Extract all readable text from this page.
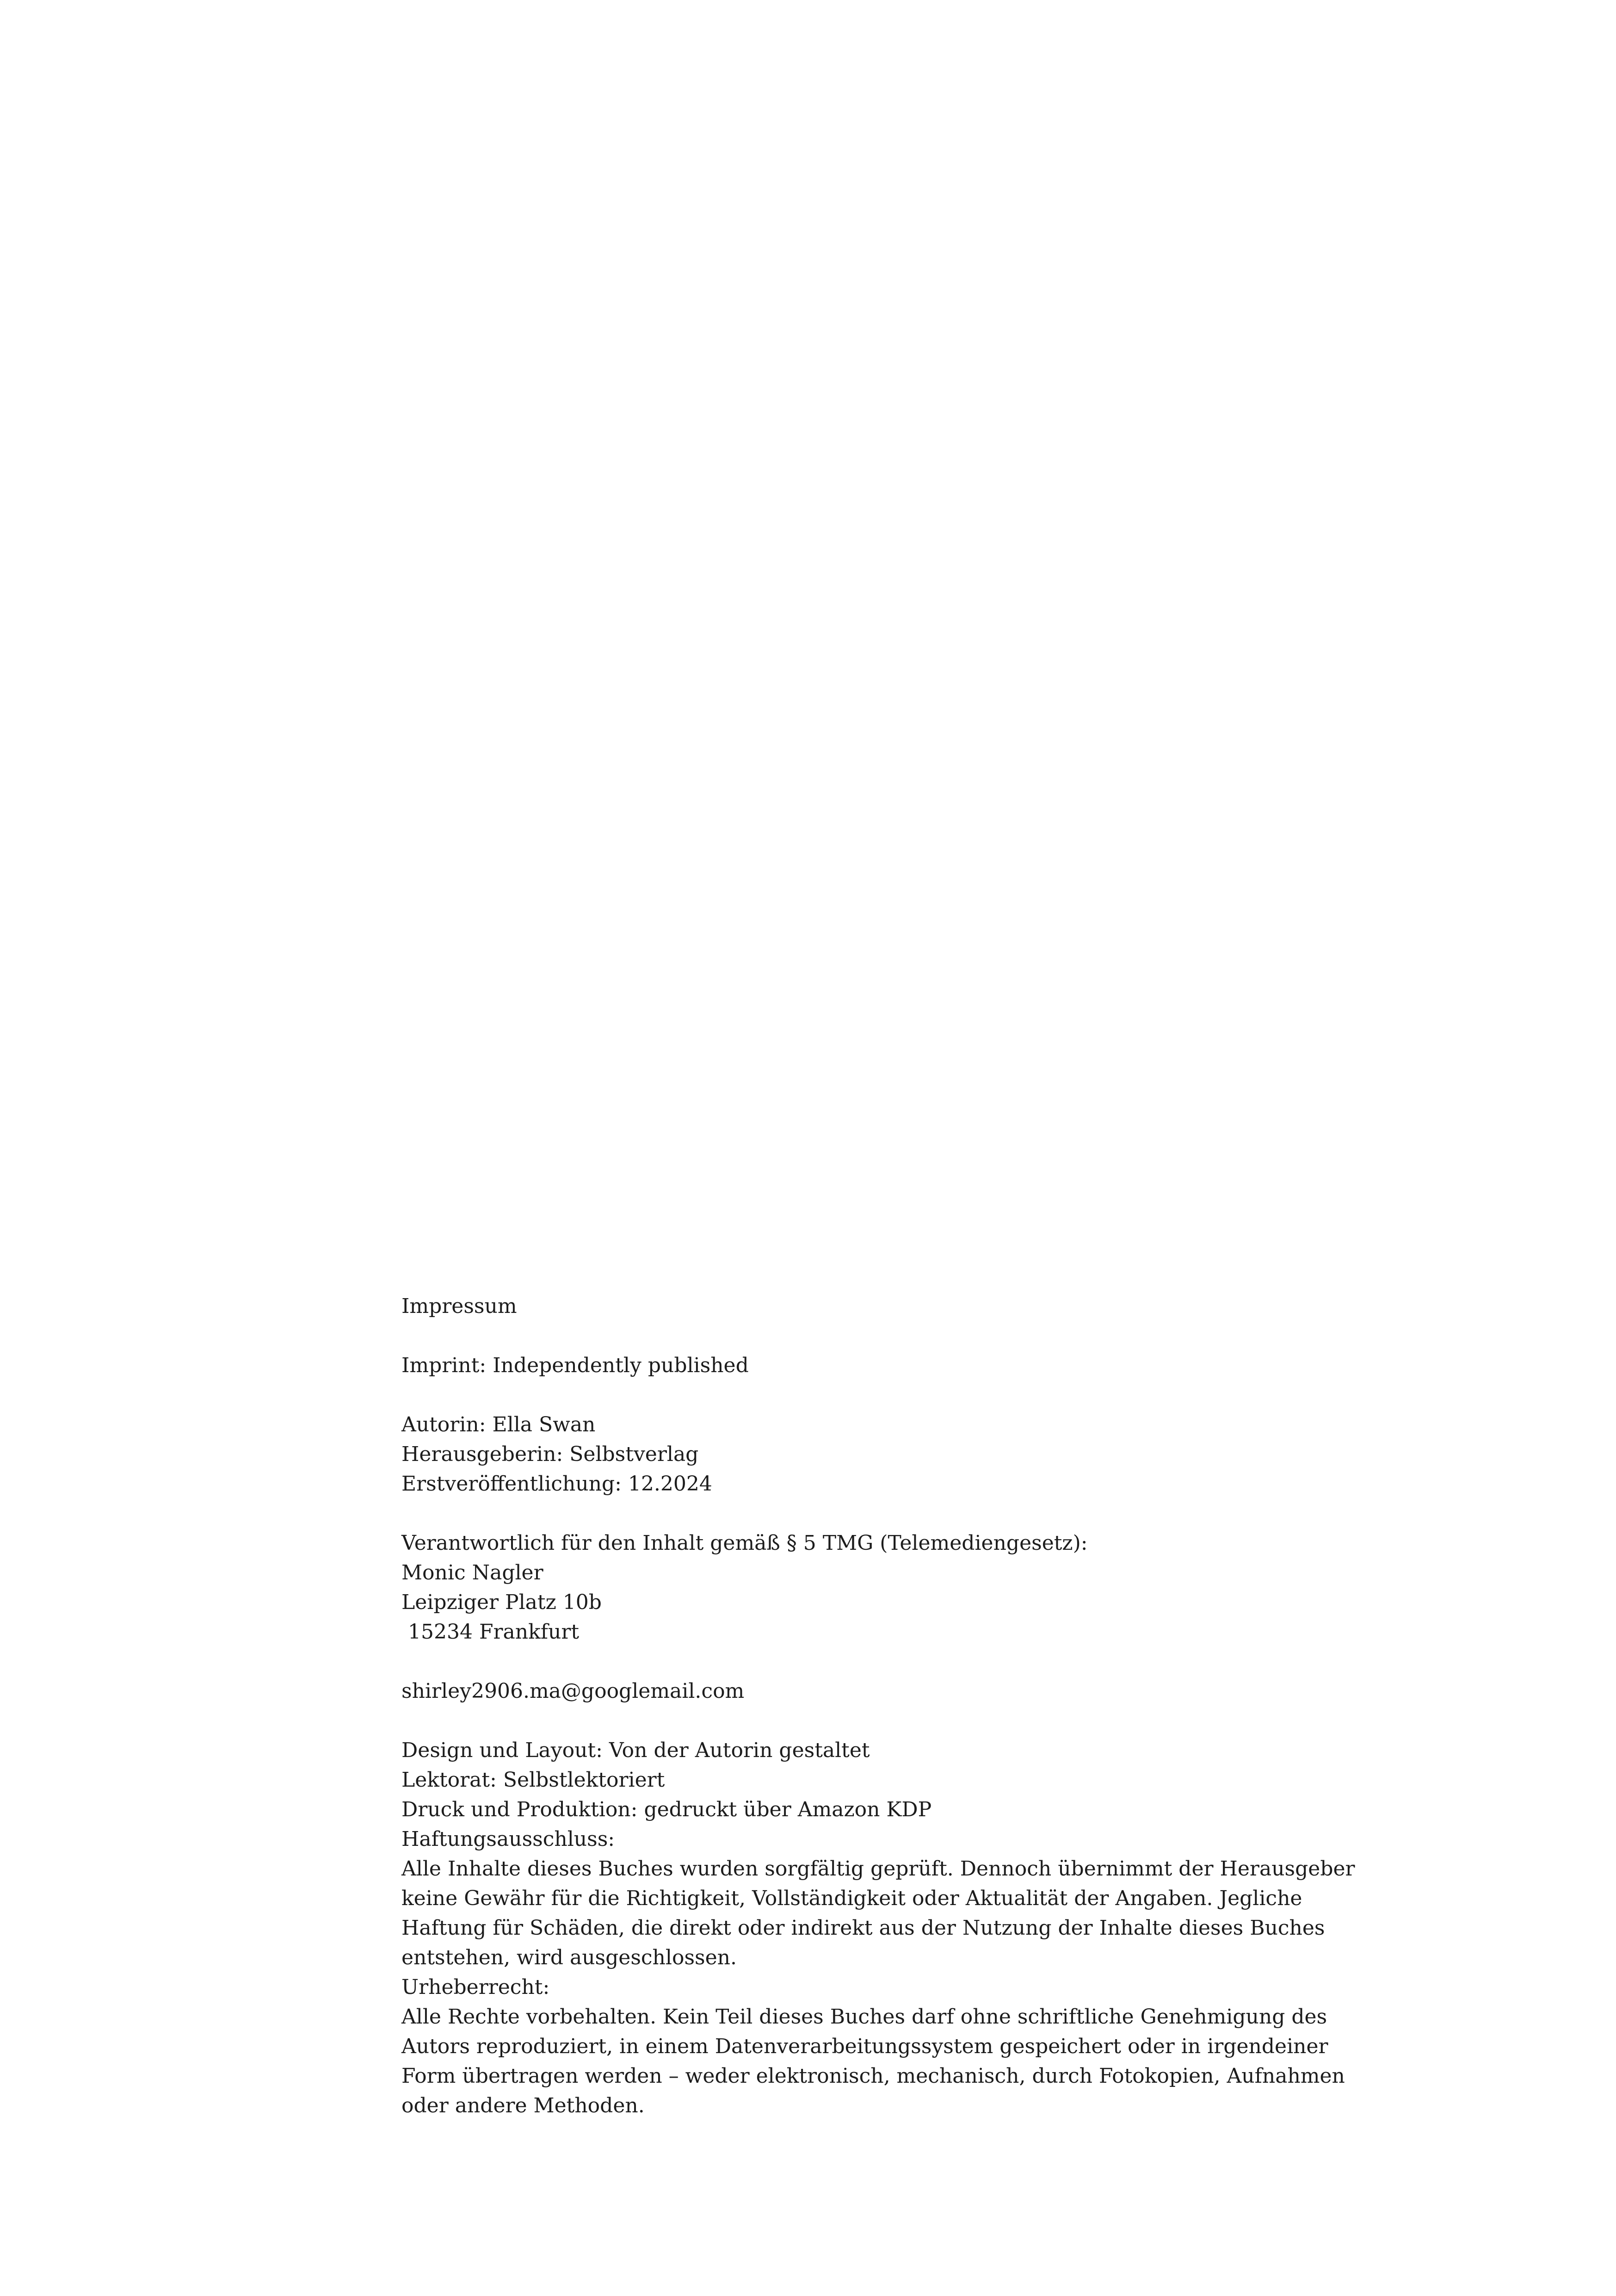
Impressum
Imprint: Independently published
Autorin: Ella Swan
Herausgeberin: Selbstverlag
Erstveröffentlichung: 12.2024
Verantwortlich für den Inhalt gemäß § 5 TMG (Telemediengesetz):
Monic Nagler
Leipziger Platz 10b
15234 Frankfurt
shirley2906.ma@googlemail.com
Design und Layout: Von der Autorin gestaltet
Lektorat: Selbstlektoriert
Druck und Produktion: gedruckt über Amazon KDP
Haftungsausschluss:
Alle Inhalte dieses Buches wurden sorgfältig geprüft. Dennoch übernimmt der Herausgeber
keine Gewähr für die Richtigkeit, Vollständigkeit oder Aktualität der Angaben. Jegliche
Haftung für Schäden, die direkt oder indirekt aus der Nutzung der Inhalte dieses Buches
entstehen, wird ausgeschlossen.
Urheberrecht:
Alle Rechte vorbehalten. Kein Teil dieses Buches darf ohne schriftliche Genehmigung des
Autors reproduziert, in einem Datenverarbeitungssystem gespeichert oder in irgendeiner
Form übertragen werden – weder elektronisch, mechanisch, durch Fotokopien, Aufnahmen
oder andere Methoden.
